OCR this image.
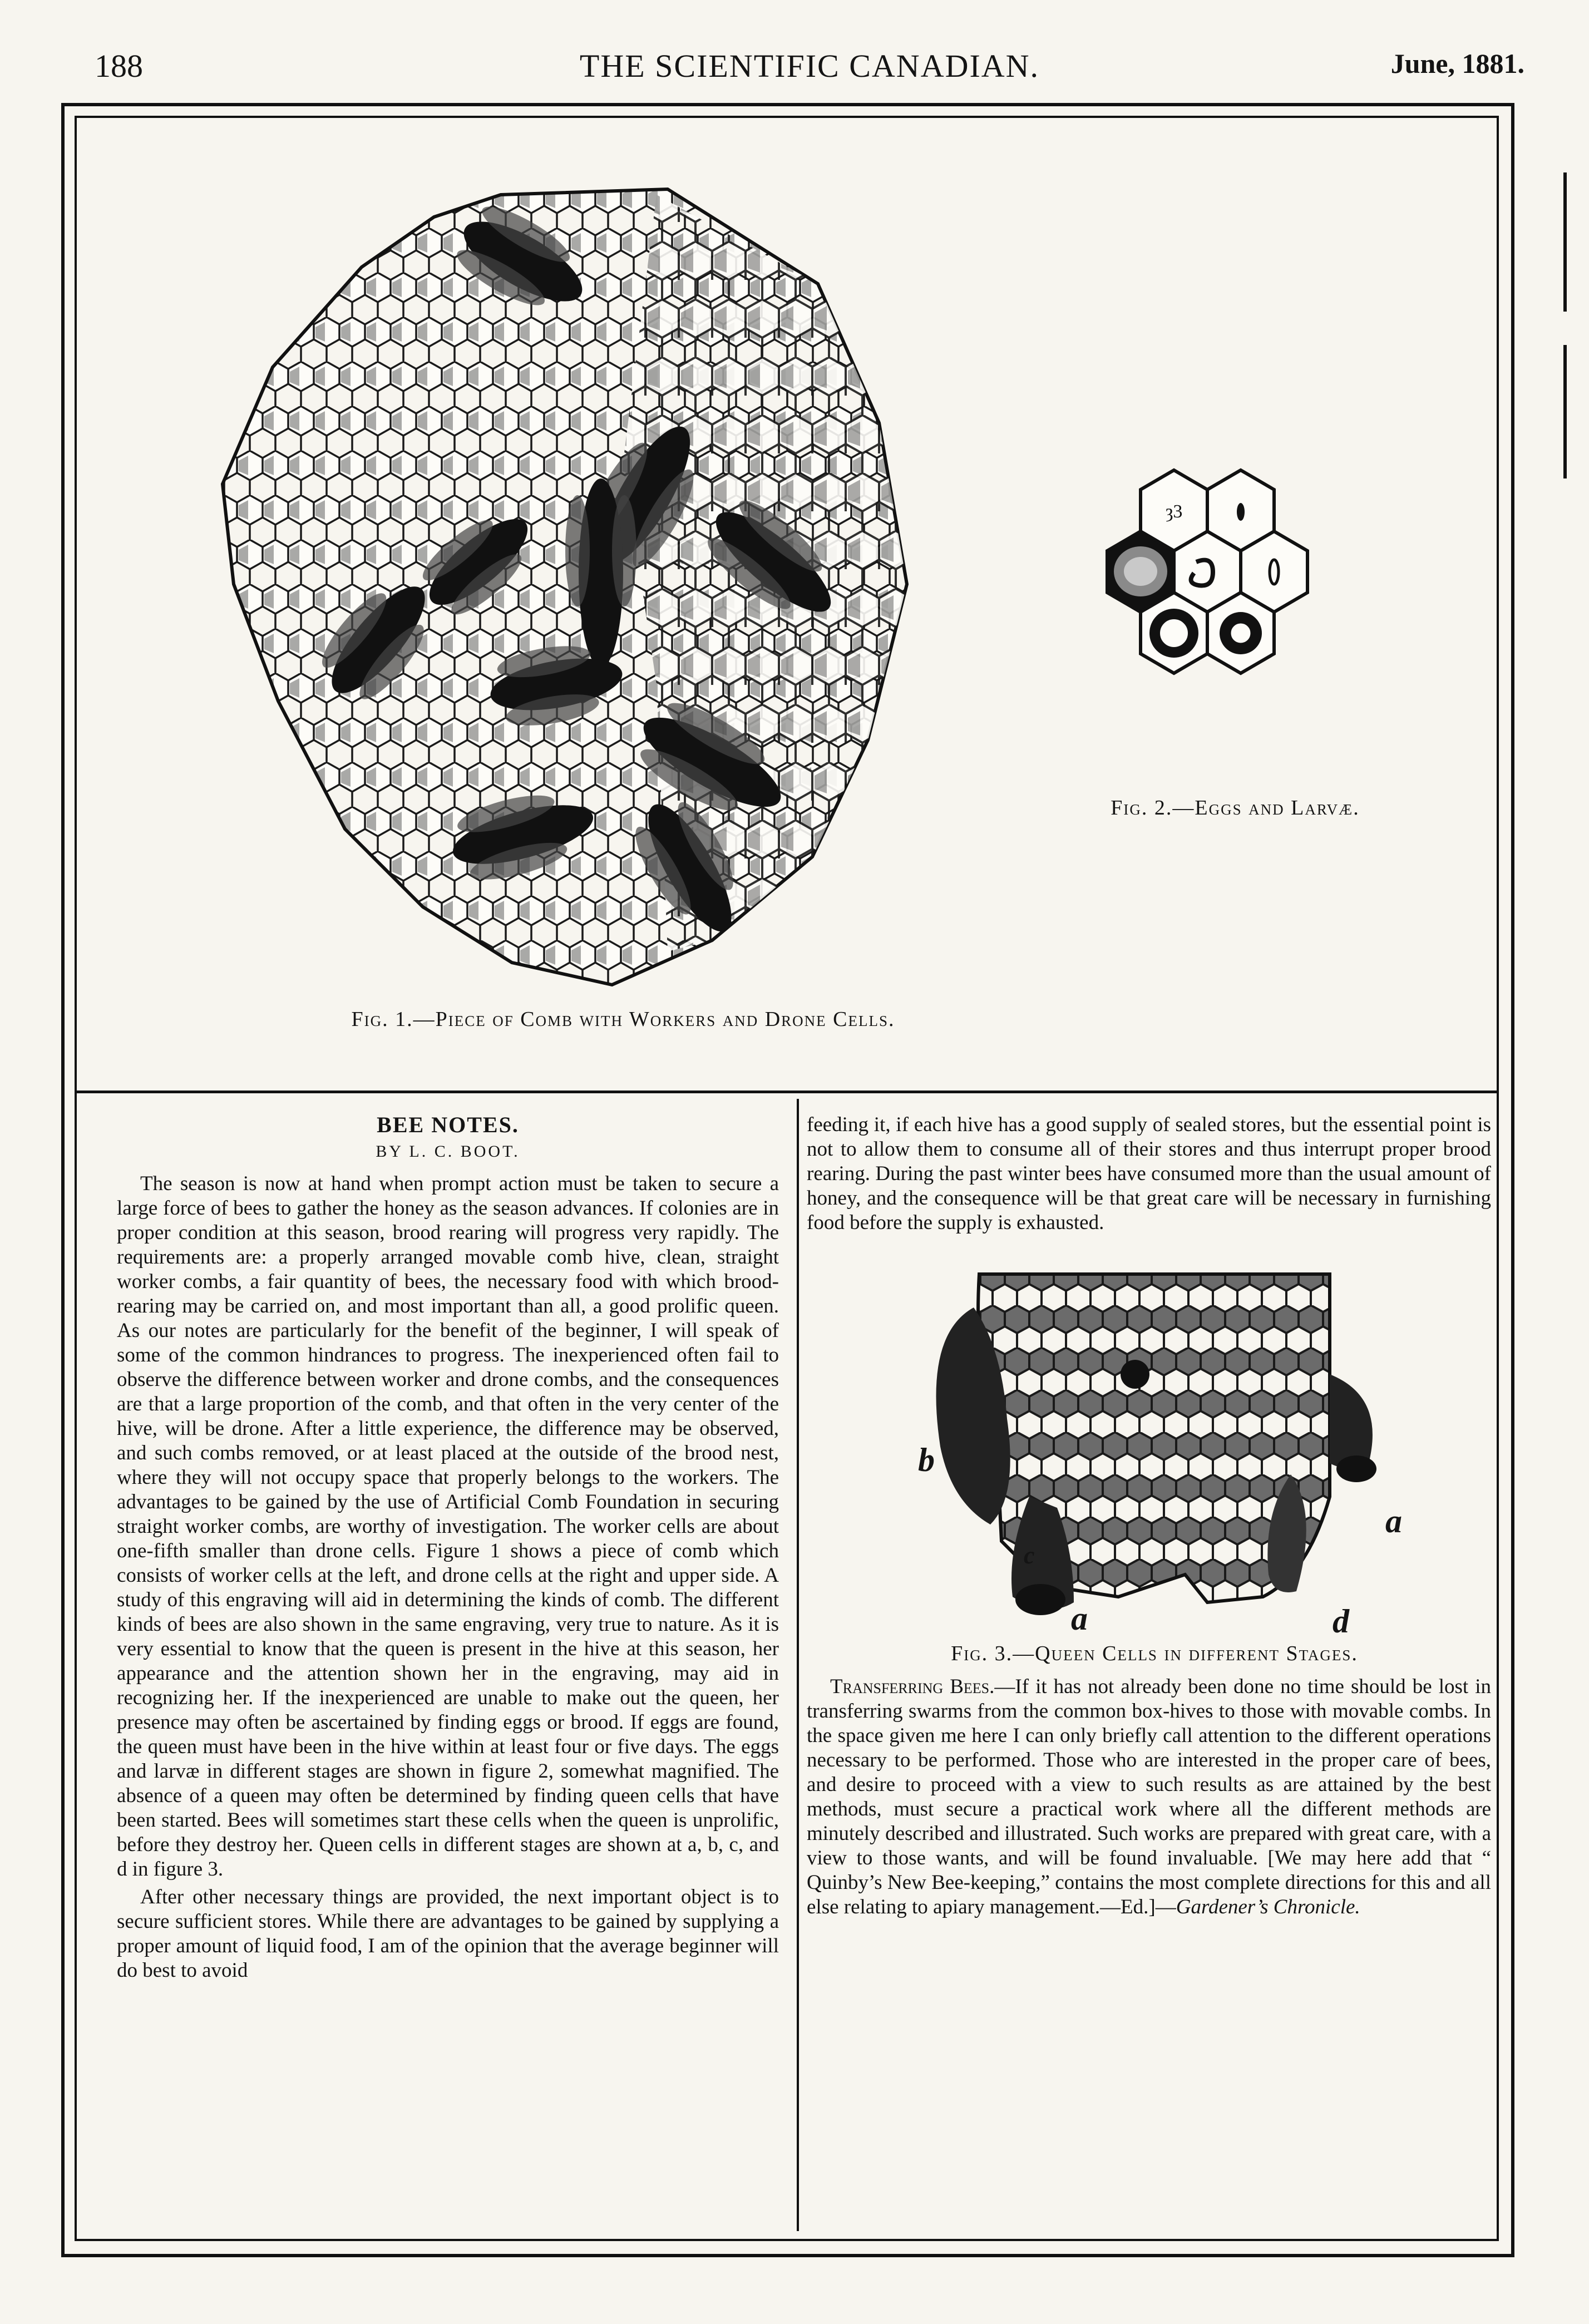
188	THE SCIENTIFIC CANADIAN.	June, 1881.
Fig. 1.—Piece of Comb with Workers and Drone Cells.
ȝ3
Fig. 2.—Eggs and Larvæ.
b
a
c
a	d
Fig. 3.—Queen Cells in different Stages.
BEE NOTES.
BY L. C. BOOT.

The season is now at hand when prompt action must be taken to secure a large force of bees to gather the honey as the season advances. If colonies are in proper condition at this season, brood rearing will progress very rapidly. The requirements are: a properly arranged movable comb hive, clean, straight worker combs, a fair quantity of bees, the necessary food with which brood-rearing may be carried on, and most important than all, a good prolific queen. As our notes are particularly for the benefit of the beginner, I will speak of some of the common hindrances to progress. The inexperienced often fail to observe the difference between worker and drone combs, and the consequences are that a large proportion of the comb, and that often in the very center of the hive, will be drone. After a little experience, the difference may be observed, and such combs removed, or at least placed at the outside of the brood nest, where they will not occupy space that properly belongs to the workers. The advantages to be gained by the use of Artificial Comb Foundation in securing straight worker combs, are worthy of investigation. The worker cells are about one-fifth smaller than drone cells. Figure 1 shows a piece of comb which consists of worker cells at the left, and drone cells at the right and upper side. A study of this engraving will aid in determining the kinds of comb. The different kinds of bees are also shown in the same engraving, very true to nature. As it is very essential to know that the queen is present in the hive at this season, her appearance and the attention shown her in the engraving, may aid in recognizing her. If the inexperienced are unable to make out the queen, her presence may often be ascertained by finding eggs or brood. If eggs are found, the queen must have been in the hive within at least four or five days. The eggs and larvæ in different stages are shown in figure 2, somewhat magnified. The absence of a queen may often be determined by finding queen cells that have been started. Bees will sometimes start these cells when the queen is unprolific, before they destroy her. Queen cells in different stages are shown at a, b, c, and d in figure 3.

After other necessary things are provided, the next important object is to secure sufficient stores. While there are advantages to be gained by supplying a proper amount of liquid food, I am of the opinion that the average beginner will do best to avoid

feeding it, if each hive has a good supply of sealed stores, but the essential point is not to allow them to consume all of their stores and thus interrupt proper brood rearing. During the past winter bees have consumed more than the usual amount of honey, and the consequence will be that great care will be necessary in furnishing food before the supply is exhausted.

Transferring Bees.—If it has not already been done no time should be lost in transferring swarms from the common box-hives to those with movable combs. In the space given me here I can only briefly call attention to the different operations necessary to be performed. Those who are interested in the proper care of bees, and desire to proceed with a view to such results as are attained by the best methods, must secure a practical work where all the different methods are minutely described and illustrated. Such works are prepared with great care, with a view to those wants, and will be found invaluable. [We may here add that “ Quinby’s New Bee-keeping,” contains the most complete directions for this and all else relating to apiary management.—Ed.]—Gardener’s Chronicle.
